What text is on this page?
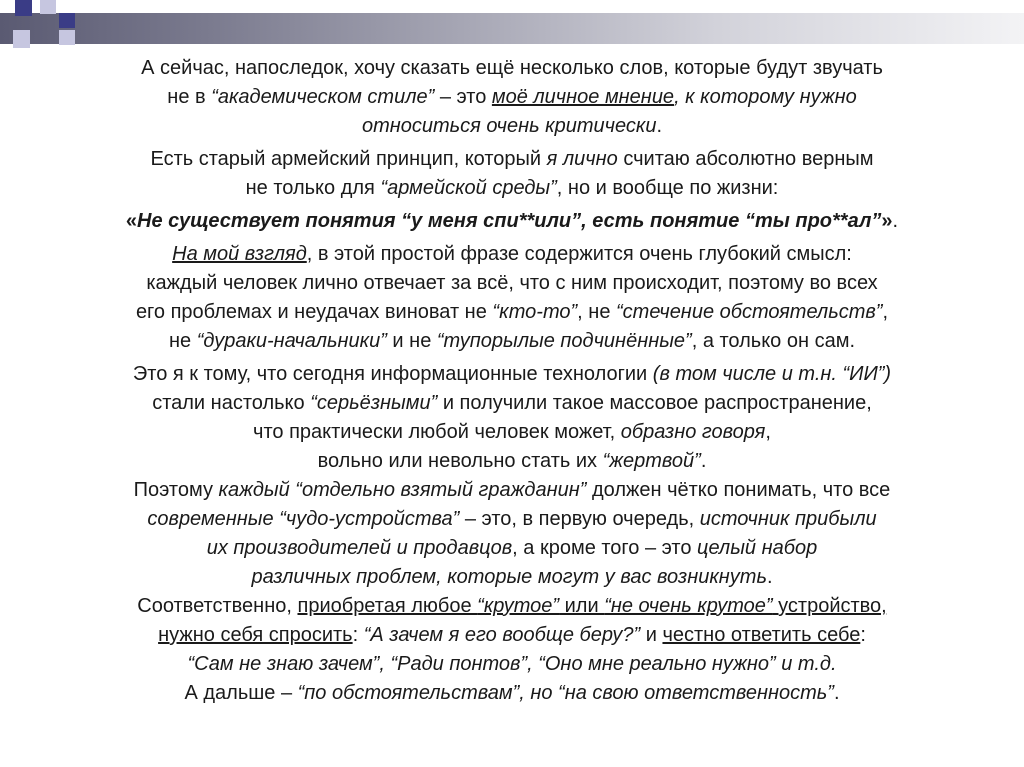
А сейчас, напоследок, хочу сказать ещё несколько слов, которые будут звучать
не в “академическом стиле” – это моё личное мнение, к которому нужно
относиться очень критически.
Есть старый армейский принцип, который я лично считаю абсолютно верным
не только для “армейской среды”, но и вообще по жизни:
«Не существует понятия “у меня спи**или”, есть понятие “ты про**ал”».
На мой взгляд, в этой простой фразе содержится очень глубокий смысл:
каждый человек лично отвечает за всё, что с ним происходит, поэтому во всех
его проблемах и неудачах виноват не “кто-то”, не “стечение обстоятельств”,
не “дураки-начальники” и не “тупорылые подчинённые”, а только он сам.
Это я к тому, что сегодня информационные технологии (в том числе и т.н. “ИИ”)
стали настолько “серьёзными” и получили такое массовое распространение,
что практически любой человек может, образно говоря,
вольно или невольно стать их “жертвой”.
Поэтому каждый “отдельно взятый гражданин” должен чётко понимать, что все
современные “чудо-устройства” – это, в первую очередь, источник прибыли
их производителей и продавцов, а кроме того – это целый набор
различных проблем, которые могут у вас возникнуть.
Соответственно, приобретая любое “крутое” или “не очень крутое” устройство,
нужно себя спросить: “А зачем я его вообще беру?” и честно ответить себе:
“Сам не знаю зачем”, “Ради понтов”, “Оно мне реально нужно” и т.д.
А дальше – “по обстоятельствам”, но “на свою ответственность”.
